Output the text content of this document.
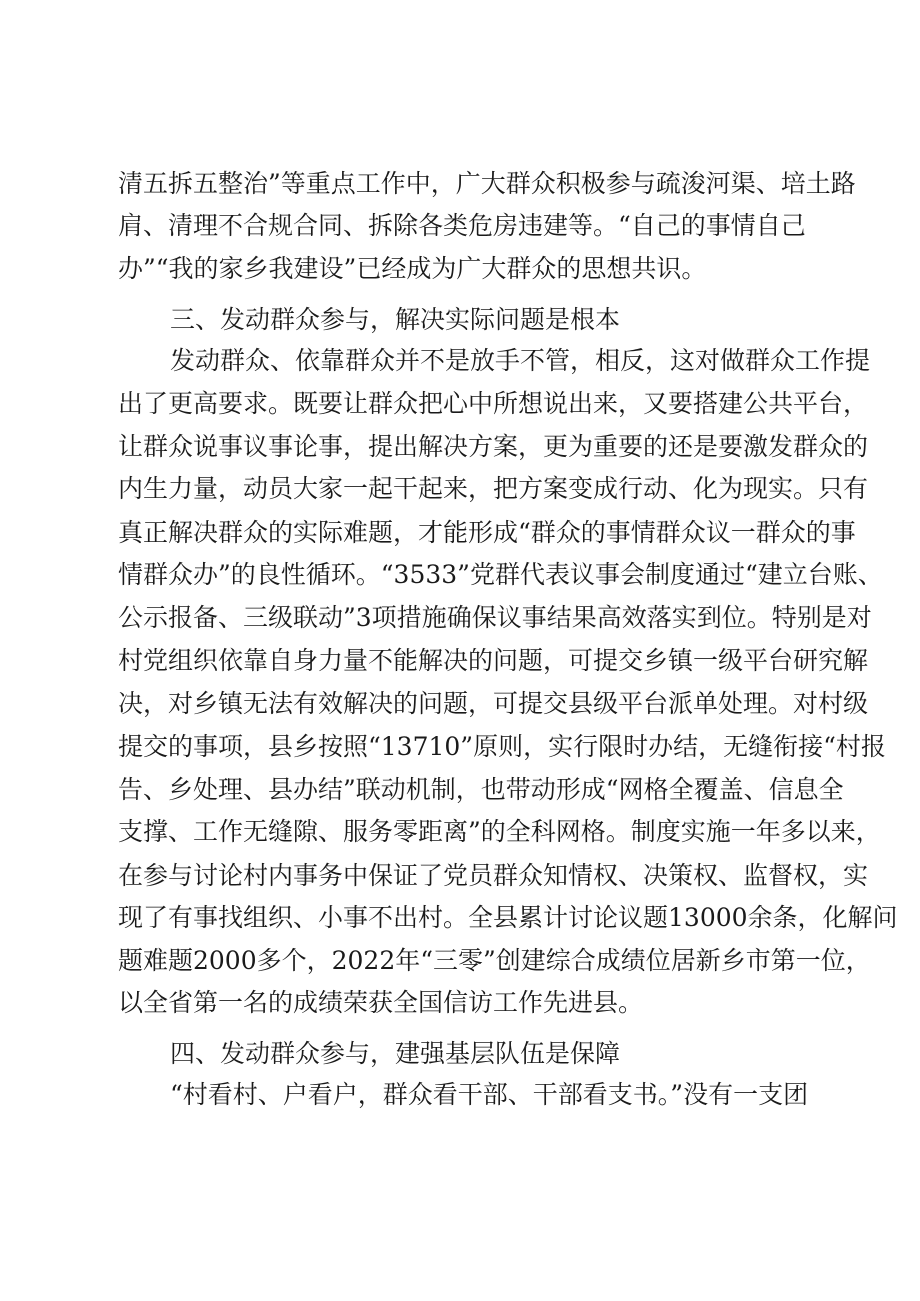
清五拆五整治”等重点工作中，广大群众积极参与疏浚河渠、培土路
肩、清理不合规合同、拆除各类危房违建等。“自己的事情自己
办”“我的家乡我建设”已经成为广大群众的思想共识。
三、发动群众参与，解决实际问题是根本
发动群众、依靠群众并不是放手不管，相反，这对做群众工作提
出了更高要求。既要让群众把心中所想说出来，又要搭建公共平台，
让群众说事议事论事，提出解决方案，更为重要的还是要激发群众的
内生力量，动员大家一起干起来，把方案变成行动、化为现实。只有
真正解决群众的实际难题，才能形成“群众的事情群众议一群众的事
情群众办”的良性循环。“3533”党群代表议事会制度通过“建立台账、
公示报备、三级联动”3项措施确保议事结果高效落实到位。特别是对
村党组织依靠自身力量不能解决的问题，可提交乡镇一级平台研究解
决，对乡镇无法有效解决的问题，可提交县级平台派单处理。对村级
提交的事项，县乡按照“13710”原则，实行限时办结，无缝衔接“村报
告、乡处理、县办结”联动机制，也带动形成“网格全覆盖、信息全
支撑、工作无缝隙、服务零距离”的全科网格。制度实施一年多以来，
在参与讨论村内事务中保证了党员群众知情权、决策权、监督权，实
现了有事找组织、小事不出村。全县累计讨论议题13000余条，化解问
题难题2000多个，2022年“三零”创建综合成绩位居新乡市第一位，
以全省第一名的成绩荣获全国信访工作先进县。
四、发动群众参与，建强基层队伍是保障
“村看村、户看户，群众看干部、干部看支书。”没有一支团
